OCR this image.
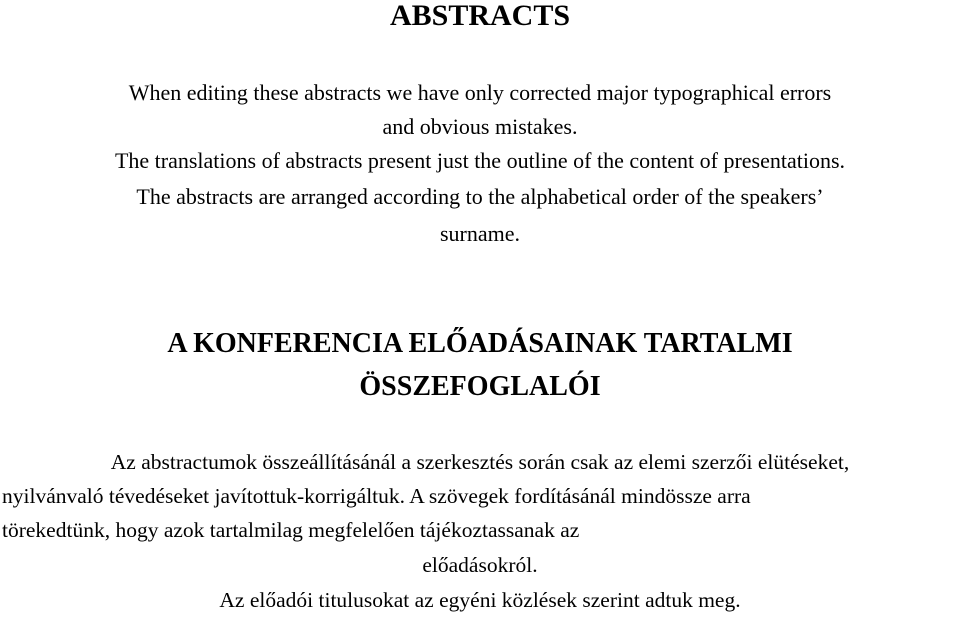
ABSTRACTS

When editing these abstracts we have only corrected major typographical errors

and obvious mistakes.

The translations of abstracts present just the outline of the content of presentations.

The abstracts are arranged according to the alphabetical order of the speakers’

surname.

A KONFERENCIA ELŐADÁSAINAK TARTALMI
ÖSSZEFOGLALÓI

Az abstractumok összeállításánál a szerkesztés során csak az elemi szerzői elütéseket,

nyilvánvaló tévedéseket javítottuk-korrigáltuk. A szövegek fordításánál mindössze arra

törekedtünk, hogy azok tartalmilag megfelelően tájékoztassanak az

előadásokról.

Az előadói titulusokat az egyéni közlések szerint adtuk meg.
